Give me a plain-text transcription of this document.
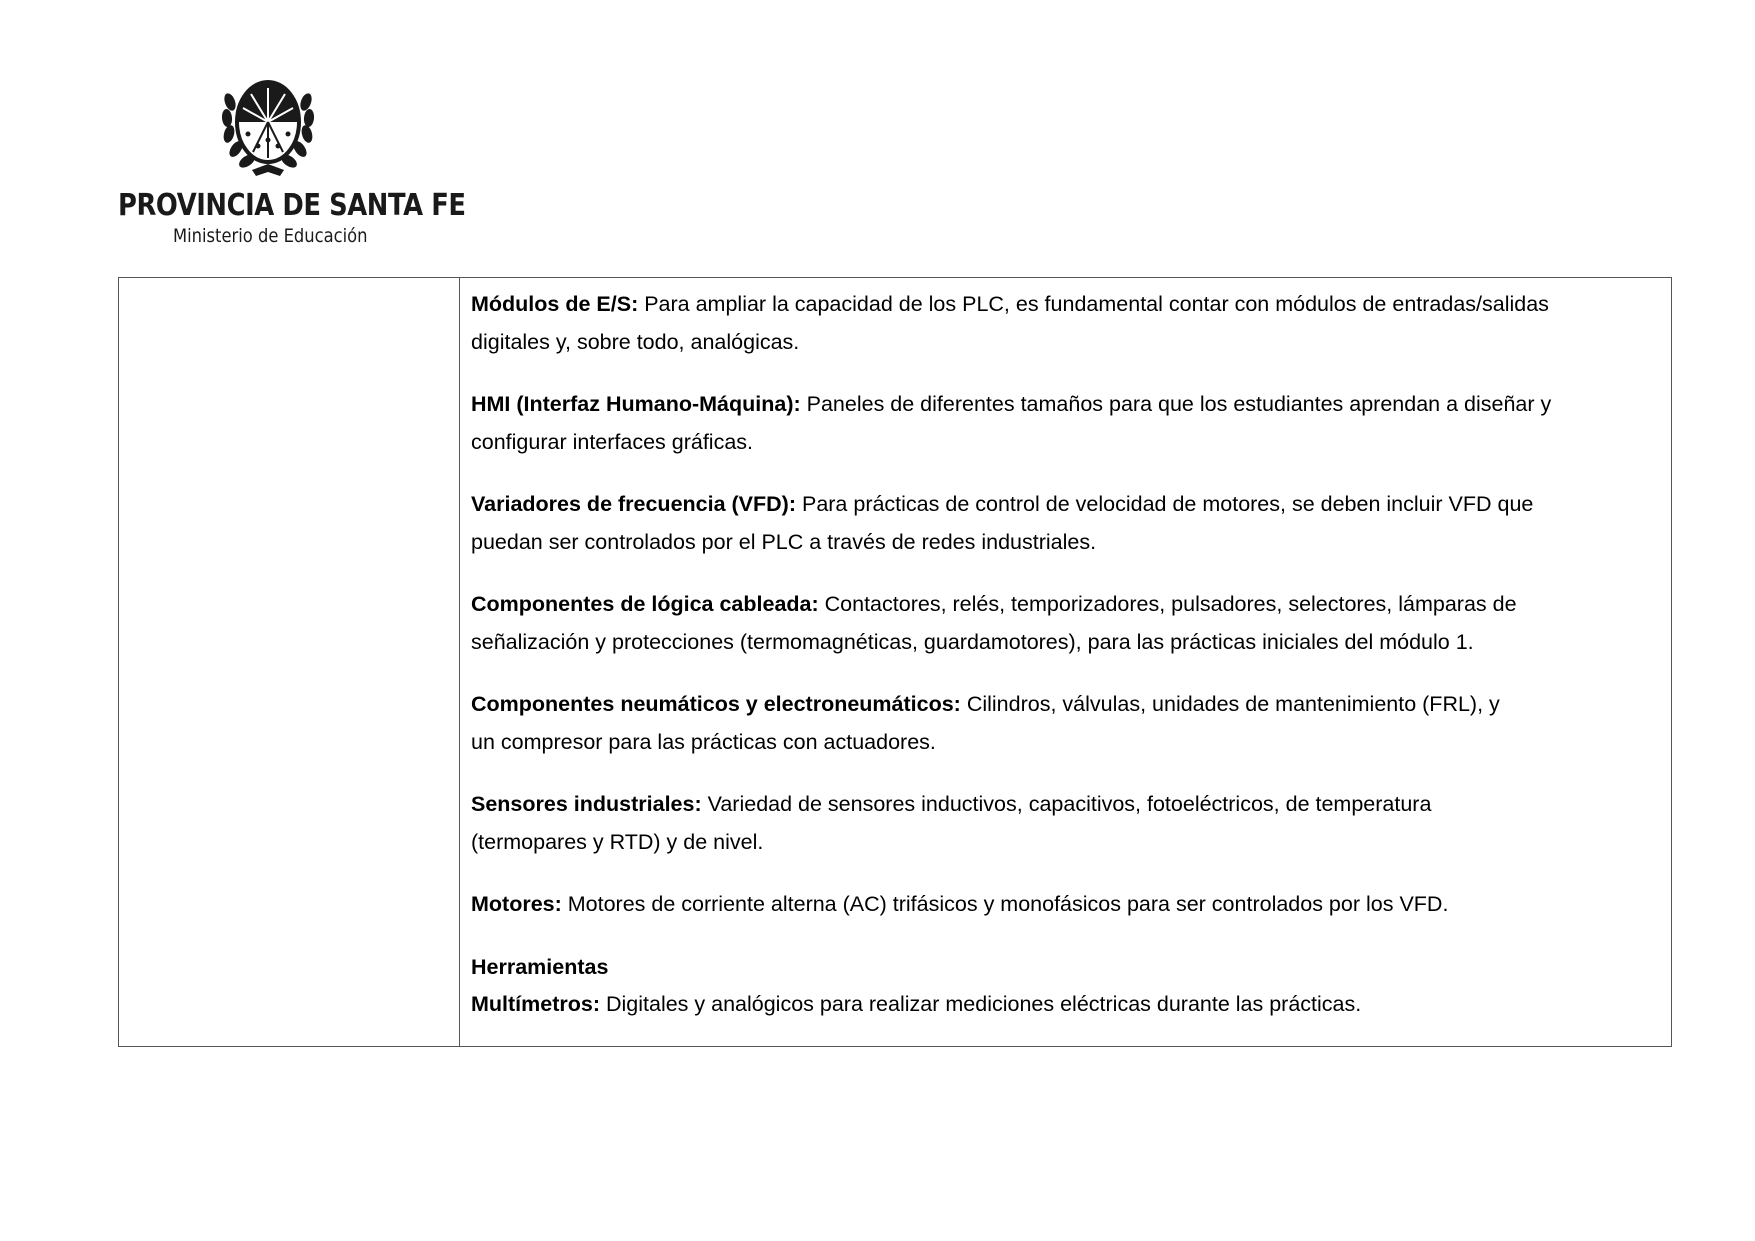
PROVINCIA DE SANTA FE
Ministerio de Educación
Módulos de E/S: Para ampliar la capacidad de los PLC, es fundamental contar con módulos de entradas/salidas
digitales y, sobre todo, analógicas.
HMI (Interfaz Humano-Máquina): Paneles de diferentes tamaños para que los estudiantes aprendan a diseñar y
configurar interfaces gráficas.
Variadores de frecuencia (VFD): Para prácticas de control de velocidad de motores, se deben incluir VFD que
puedan ser controlados por el PLC a través de redes industriales.
Componentes de lógica cableada: Contactores, relés, temporizadores, pulsadores, selectores, lámparas de
señalización y protecciones (termomagnéticas, guardamotores), para las prácticas iniciales del módulo 1.
Componentes neumáticos y electroneumáticos: Cilindros, válvulas, unidades de mantenimiento (FRL), y
un compresor para las prácticas con actuadores.
Sensores industriales: Variedad de sensores inductivos, capacitivos, fotoeléctricos, de temperatura
(termopares y RTD) y de nivel.
Motores: Motores de corriente alterna (AC) trifásicos y monofásicos para ser controlados por los VFD.
Herramientas
Multímetros: Digitales y analógicos para realizar mediciones eléctricas durante las prácticas.
